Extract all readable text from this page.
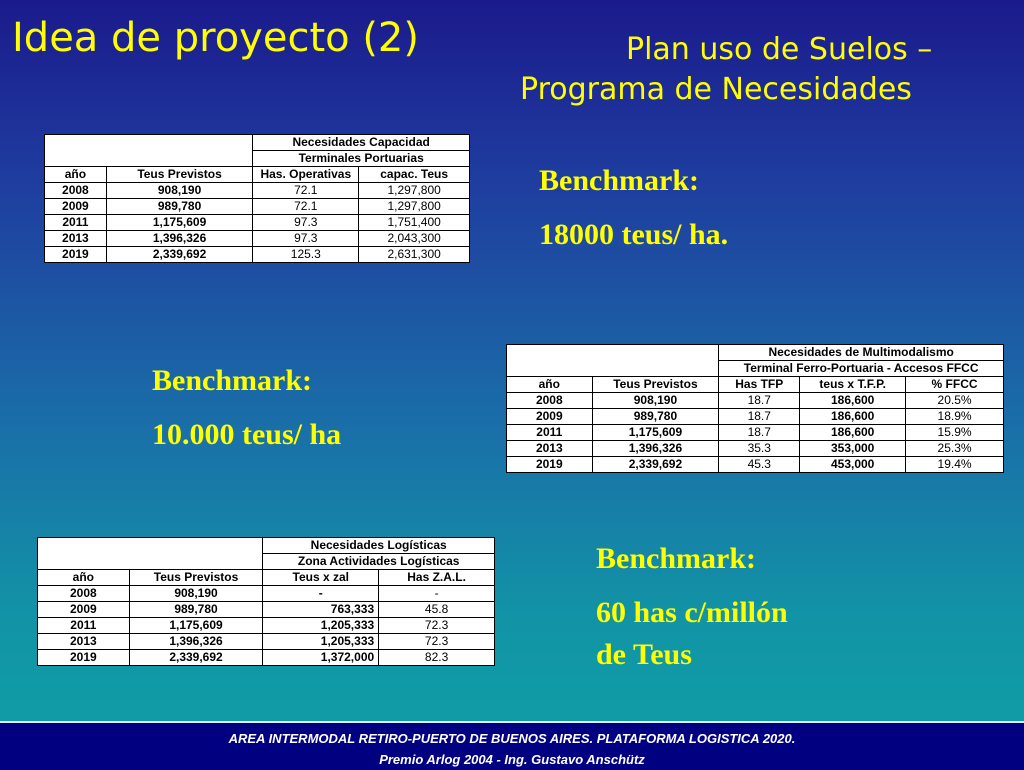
Idea de proyecto (2)	Plan uso de Suelos –
Programa de Necesidades
		Necesidades Capacidad	
		Terminales Portuarias	
año	Teus Previstos	Has. Operativas	capac. Teus
2008	908,190	72.1	1,297,800
2009	989,780	72.1	1,297,800
2011	1,175,609	97.3	1,751,400
2013	1,396,326	97.3	2,043,300
2019	2,339,692	125.3	2,631,300
Benchmark:
18000 teus/ ha.
		Necesidades de Multimodalismo		
		Terminal Ferro-Portuaria - Accesos FFCC		
año	Teus Previstos	Has TFP	teus x T.F.P.	% FFCC
2008	908,190	18.7	186,600	20.5%
2009	989,780	18.7	186,600	18.9%
2011	1,175,609	18.7	186,600	15.9%
2013	1,396,326	35.3	353,000	25.3%
2019	2,339,692	45.3	453,000	19.4%
Benchmark:
10.000 teus/ ha
		Necesidades Logísticas	
		Zona Actividades Logísticas	
año	Teus Previstos	Teus x zal	Has Z.A.L.
2008	908,190	-	-
2009	989,780	763,333	45.8
2011	1,175,609	1,205,333	72.3
2013	1,396,326	1,205,333	72.3
2019	2,339,692	1,372,000	82.3
Benchmark:
60 has c/millón
de Teus
AREA INTERMODAL RETIRO-PUERTO DE BUENOS AIRES. PLATAFORMA LOGISTICA 2020.
Premio Arlog 2004 - Ing. Gustavo Anschütz
